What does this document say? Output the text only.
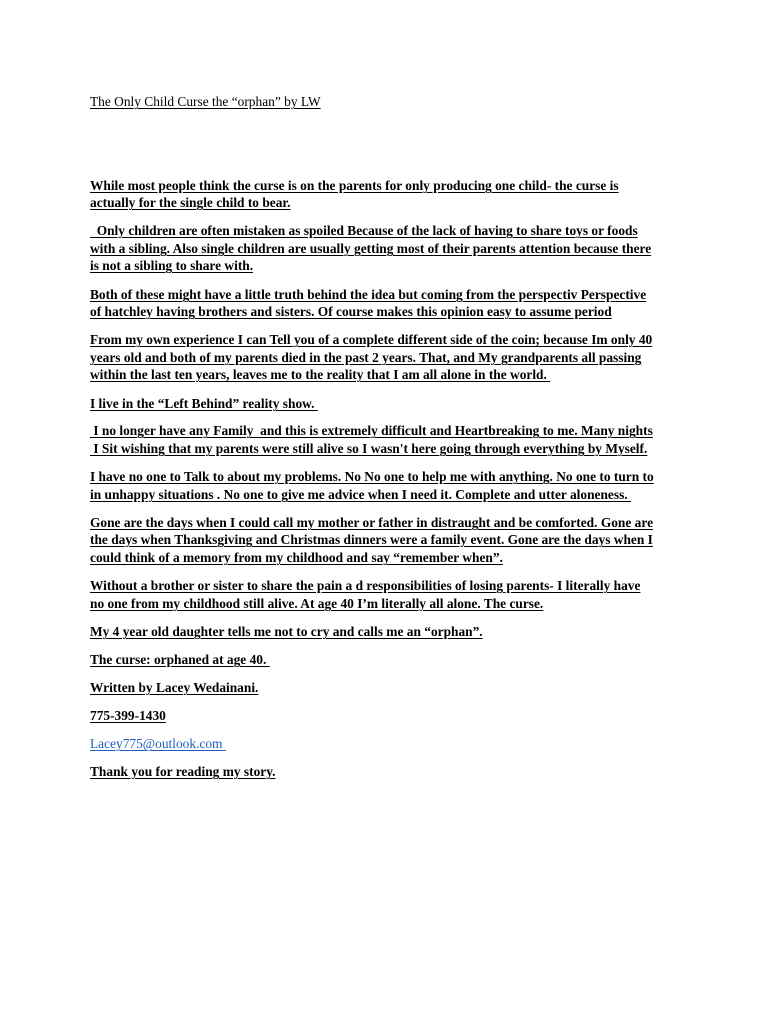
The Only Child Curse the “orphan” by LW
While most people think the curse is on the parents for only producing one child- the curse is
actually for the single child to bear.
Only children are often mistaken as spoiled Because of the lack of having to share toys or foods
with a sibling. Also single children are usually getting most of their parents attention because there
is not a sibling to share with.
Both of these might have a little truth behind the idea but coming from the perspectiv Perspective
of hatchley having brothers and sisters. Of course makes this opinion easy to assume period
From my own experience I can Tell you of a complete different side of the coin; because Im only 40
years old and both of my parents died in the past 2 years. That, and My grandparents all passing
within the last ten years, leaves me to the reality that I am all alone in the world.
I live in the “Left Behind” reality show.
I no longer have any Family  and this is extremely difficult and Heartbreaking to me. Many nights
I Sit wishing that my parents were still alive so I wasn't here going through everything by Myself.
I have no one to Talk to about my problems. No No one to help me with anything. No one to turn to
in unhappy situations . No one to give me advice when I need it. Complete and utter aloneness.
Gone are the days when I could call my mother or father in distraught and be comforted. Gone are
the days when Thanksgiving and Christmas dinners were a family event. Gone are the days when I
could think of a memory from my childhood and say “remember when”.
Without a brother or sister to share the pain a d responsibilities of losing parents- I literally have
no one from my childhood still alive. At age 40 I’m literally all alone. The curse.
My 4 year old daughter tells me not to cry and calls me an “orphan”.
The curse: orphaned at age 40.
Written by Lacey Wedainani.
775-399-1430
Lacey775@outlook.com
Thank you for reading my story.
